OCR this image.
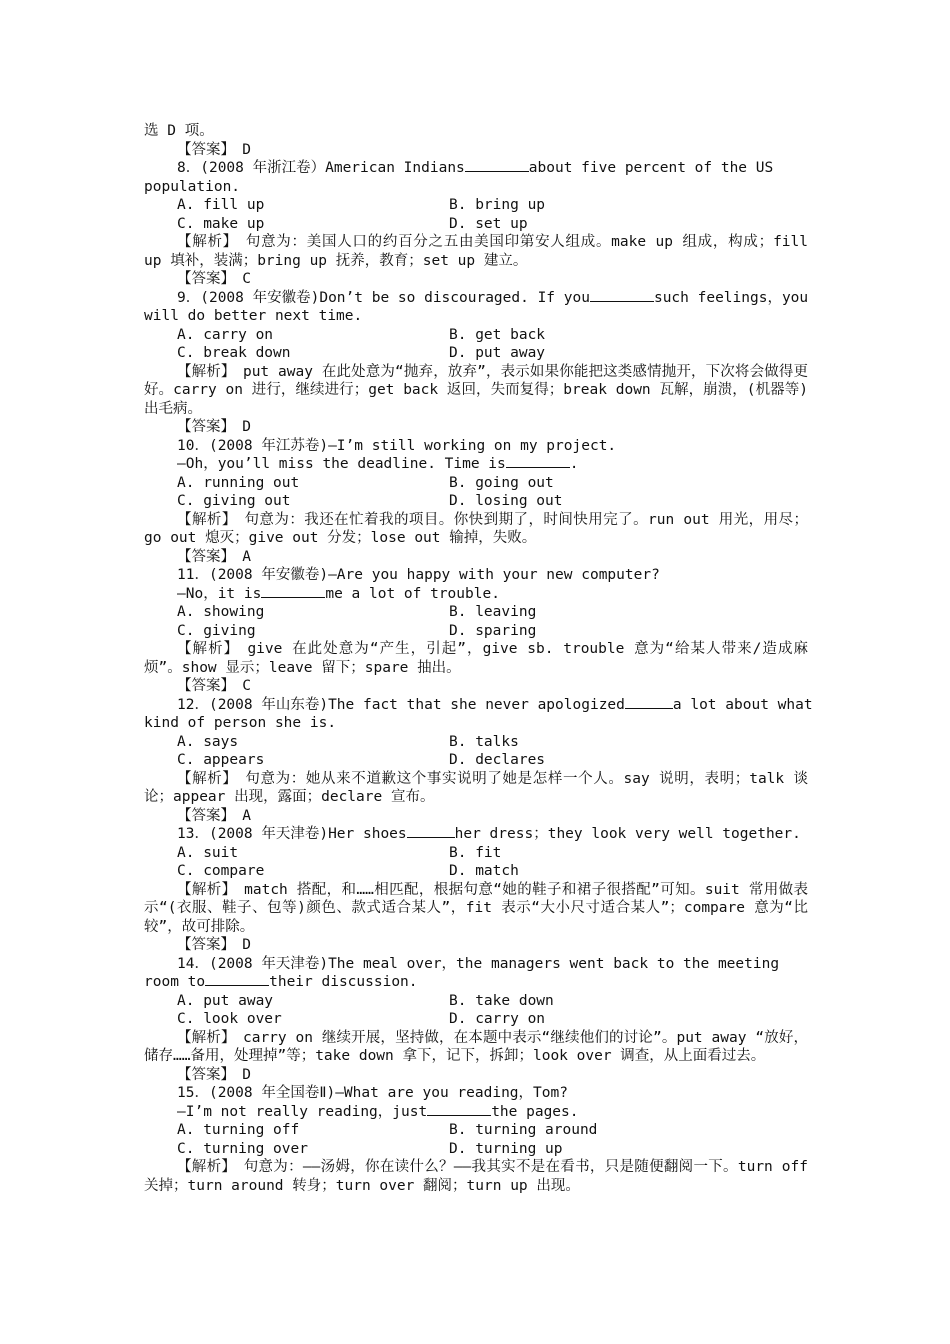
选 D 项。
【答案】　D
8．(2008 年浙江卷）American Indians	about five percent of the US
population.
A. fill up	B. bring up
C. make up	D. set up
【解析】　句意为：美国人口的约百分之五由美国印第安人组成。make up 组成，构成；fill up 填补，装满；bring up 抚养，教育；set up 建立。
【答案】　C
9．(2008 年安徽卷)Don’t be so discouraged. If you	such feelings，you
will do better next time.
A. carry on	B. get back
C. break down	D. put away
【解析】　put away 在此处意为“抛弃，放弃”，表示如果你能把这类感情抛开，下次将会做得更好。carry on 进行，继续进行；get back 返回，失而复得；break down 瓦解，崩溃，(机器等)出毛病。
【答案】　D
10．(2008 年江苏卷)—I’m still working on my project.
—Oh，you’ll miss the deadline. Time is	.
A. running out	B. going out
C. giving out	D. losing out
【解析】　句意为：我还在忙着我的项目。你快到期了，时间快用完了。run out 用光，用尽；go out 熄灭；give out 分发；lose out 输掉，失败。
【答案】　A
11．(2008 年安徽卷)—Are you happy with your new computer?
—No，it is	me a lot of trouble.
A. showing	B. leaving
C. giving	D. sparing
【解析】　give 在此处意为“产生，引起”，give sb. trouble 意为“给某人带来/造成麻烦”。show 显示；leave 留下；spare 抽出。
【答案】　C
12．(2008 年山东卷)The fact that she never apologized	a lot about what
kind of person she is.
A. says	B. talks
C. appears	D. declares
【解析】　句意为：她从来不道歉这个事实说明了她是怎样一个人。say 说明，表明；talk 谈论；appear 出现，露面；declare 宣布。
【答案】　A
13．(2008 年天津卷)Her shoes	her dress；they look very well together.
A. suit	B. fit
C. compare	D. match
【解析】　match 搭配，和……相匹配，根据句意“她的鞋子和裙子很搭配”可知。suit 常用做表示“(衣服、鞋子、包等)颜色、款式适合某人”，fit 表示“大小尺寸适合某人”；compare 意为“比较”，故可排除。
【答案】　D
14．(2008 年天津卷)The meal over，the managers went back to the meeting
room to	their discussion.
A. put away	B. take down
C. look over	D. carry on
【解析】　carry on 继续开展，坚持做，在本题中表示“继续他们的讨论”。put away “放好，储存……备用，处理掉”等；take down 拿下，记下，拆卸；look over 调查，从上面看过去。
【答案】　D
15．(2008 年全国卷Ⅱ)—What are you reading，Tom?
—I’m not really reading，just	the pages.
A. turning off	B. turning around
C. turning over	D. turning up
【解析】　句意为：——汤姆，你在读什么？——我其实不是在看书，只是随便翻阅一下。turn off 关掉；turn around 转身；turn over 翻阅；turn up 出现。
